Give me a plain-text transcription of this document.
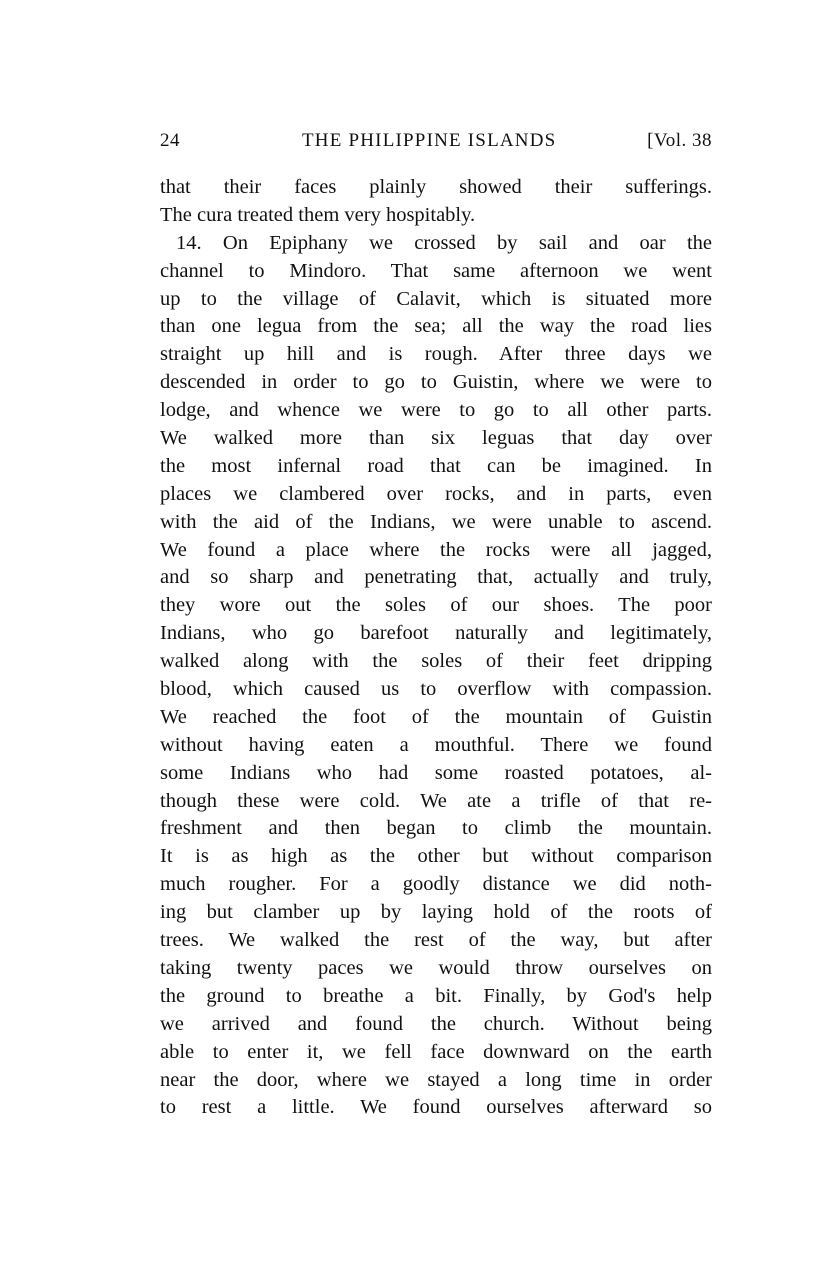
24	THE PHILIPPINE ISLANDS	[Vol. 38
that their faces plainly showed their sufferings.
The cura treated them very hospitably.
14. On Epiphany we crossed by sail and oar the
channel to Mindoro. That same afternoon we went
up to the village of Calavit, which is situated more
than one legua from the sea; all the way the road lies
straight up hill and is rough. After three days we
descended in order to go to Guistin, where we were to
lodge, and whence we were to go to all other parts.
We walked more than six leguas that day over
the most infernal road that can be imagined. In
places we clambered over rocks, and in parts, even
with the aid of the Indians, we were unable to ascend.
We found a place where the rocks were all jagged,
and so sharp and penetrating that, actually and truly,
they wore out the soles of our shoes. The poor
Indians, who go barefoot naturally and legitimately,
walked along with the soles of their feet dripping
blood, which caused us to overflow with compassion.
We reached the foot of the mountain of Guistin
without having eaten a mouthful. There we found
some Indians who had some roasted potatoes, al-
though these were cold. We ate a trifle of that re-
freshment and then began to climb the mountain.
It is as high as the other but without comparison
much rougher. For a goodly distance we did noth-
ing but clamber up by laying hold of the roots of
trees. We walked the rest of the way, but after
taking twenty paces we would throw ourselves on
the ground to breathe a bit. Finally, by God's help
we arrived and found the church. Without being
able to enter it, we fell face downward on the earth
near the door, where we stayed a long time in order
to rest a little. We found ourselves afterward so
